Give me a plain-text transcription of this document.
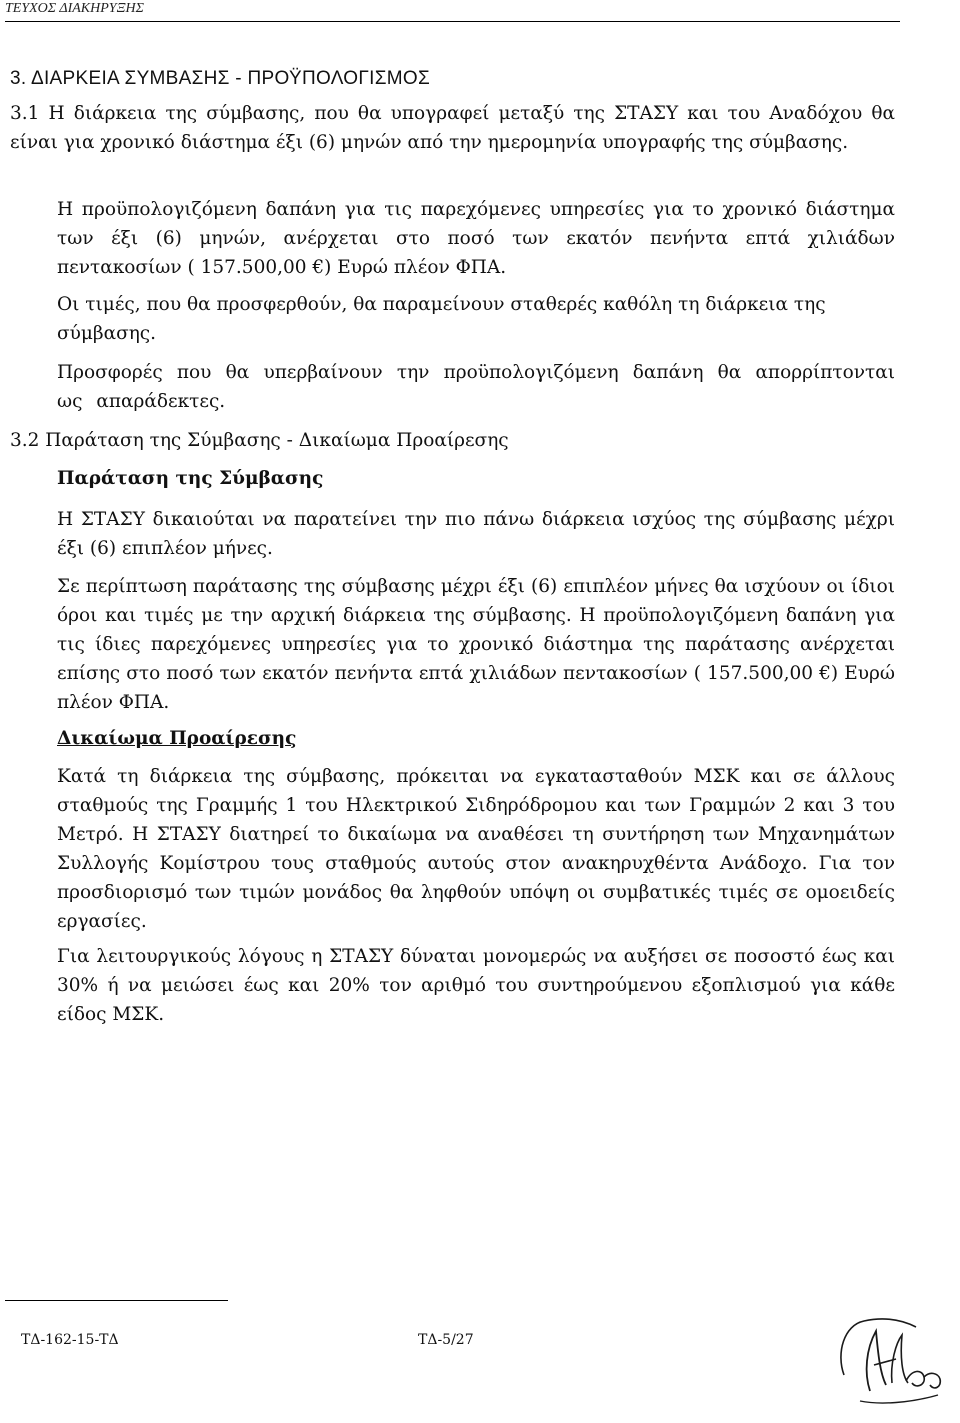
ΤΕΥΧΟΣ ΔΙΑΚΗΡΥΞΗΣ
3. ΔΙΑΡΚΕΙΑ ΣΥΜΒΑΣΗΣ - ΠΡΟΫΠΟΛΟΓΙΣΜΟΣ

3.1 Η διάρκεια της σύμβασης, που θα υπογραφεί μεταξύ της ΣΤΑΣΥ και του Αναδόχου θα είναι για χρονικό διάστημα έξι (6) μηνών από την ημερομηνία υπογραφής της σύμβασης.

Η προϋπολογιζόμενη δαπάνη για τις παρεχόμενες υπηρεσίες για το χρονικό διάστημα των έξι (6) μηνών, ανέρχεται στο ποσό των εκατόν πενήντα επτά χιλιάδων πεντακοσίων ( 157.500,00 €) Ευρώ πλέον ΦΠΑ.

Οι τιμές, που θα προσφερθούν, θα παραμείνουν σταθερές καθόλη τη διάρκεια της σύμβασης.

Προσφορές που θα υπερβαίνουν την προϋπολογιζόμενη δαπάνη θα απορρίπτονται ως απαράδεκτες.

3.2 Παράταση της Σύμβασης - Δικαίωμα Προαίρεσης

Παράταση της Σύμβασης

Η ΣΤΑΣΥ δικαιούται να παρατείνει την πιο πάνω διάρκεια ισχύος της σύμβασης μέχρι έξι (6) επιπλέον μήνες.

Σε περίπτωση παράτασης της σύμβασης μέχρι έξι (6) επιπλέον μήνες θα ισχύουν οι ίδιοι όροι και τιμές με την αρχική διάρκεια της σύμβασης. Η προϋπολογιζόμενη δαπάνη για τις ίδιες παρεχόμενες υπηρεσίες για το χρονικό διάστημα της παράτασης ανέρχεται επίσης στο ποσό των εκατόν πενήντα επτά χιλιάδων πεντακοσίων ( 157.500,00 €) Ευρώ πλέον ΦΠΑ.

Δικαίωμα Προαίρεσης

Κατά τη διάρκεια της σύμβασης, πρόκειται να εγκατασταθούν ΜΣΚ και σε άλλους σταθμούς της Γραμμής 1 του Ηλεκτρικού Σιδηρόδρομου και των Γραμμών 2 και 3 του Μετρό. Η ΣΤΑΣΥ διατηρεί το δικαίωμα να αναθέσει τη συντήρηση των Μηχανημάτων Συλλογής Κομίστρου τους σταθμούς αυτούς στον ανακηρυχθέντα Ανάδοχο. Για τον προσδιορισμό των τιμών μονάδος θα ληφθούν υπόψη οι συμβατικές τιμές σε ομοειδείς εργασίες.

Για λειτουργικούς λόγους η ΣΤΑΣΥ δύναται μονομερώς να αυξήσει σε ποσοστό έως και 30% ή να μειώσει έως και 20% τον αριθμό του συντηρούμενου εξοπλισμού για κάθε είδος ΜΣΚ.

ΤΔ-162-15-ΤΔ	ΤΔ-5/27
